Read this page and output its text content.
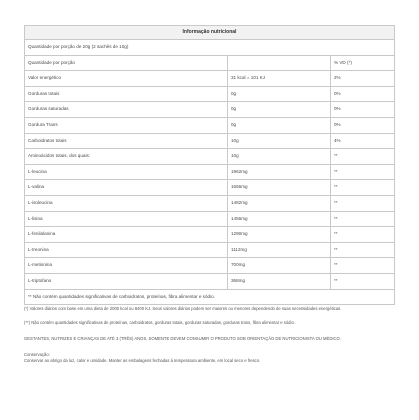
Informação nutricional		
Quantidade por porção de 20g (2 sachês de 10g)		
Quantidade por porção		% VD (*)
Valor energético	31 kcal = 101 KJ	2%
Gorduras totais	0g	0%
Gorduras saturadas	0g	0%
Gordura Trans	0g	0%
Carboidratos totais	10g	4%
Aminoácidos totais, dos quais:	10g	**
L-leucina	1962mg	**
L-valina	1656mg	**
L-isoleucina	1482mg	**
L-lisina	1456mg	**
L-fenilalanina	1290mg	**
L-treonina	1112mg	**
L-metionina	700mg	**
L-triptofano	368mg	**
** Não contém quantidades significativas de carboidratos, proteínas, fibra alimentar e sódio.		

(*) Valores diários com base em uma dieta de 2000 kcal ou 8400 KJ. Seus valores diários podem ser maiores ou menores dependendo de suas necessidades energéticas.

(**) Não contém quantidades significativas de proteínas, carboidratos, gorduras totais, gorduras saturadas, gorduras trans, fibra alimentar e sódio.

GESTANTES, NUTRIZES E CRIANÇAS DE ATÉ 3 (TRÊS) ANOS, SOMENTE DEVEM CONSUMIR O PRODUTO SOB ORIENTAÇÃO DE NUTRICIONISTA OU MÉDICO.

Conservação:

Conservar ao abrigo da luz, calor e umidade. Manter as embalagens fechadas à temperatura ambiente, em local seco e fresco.
